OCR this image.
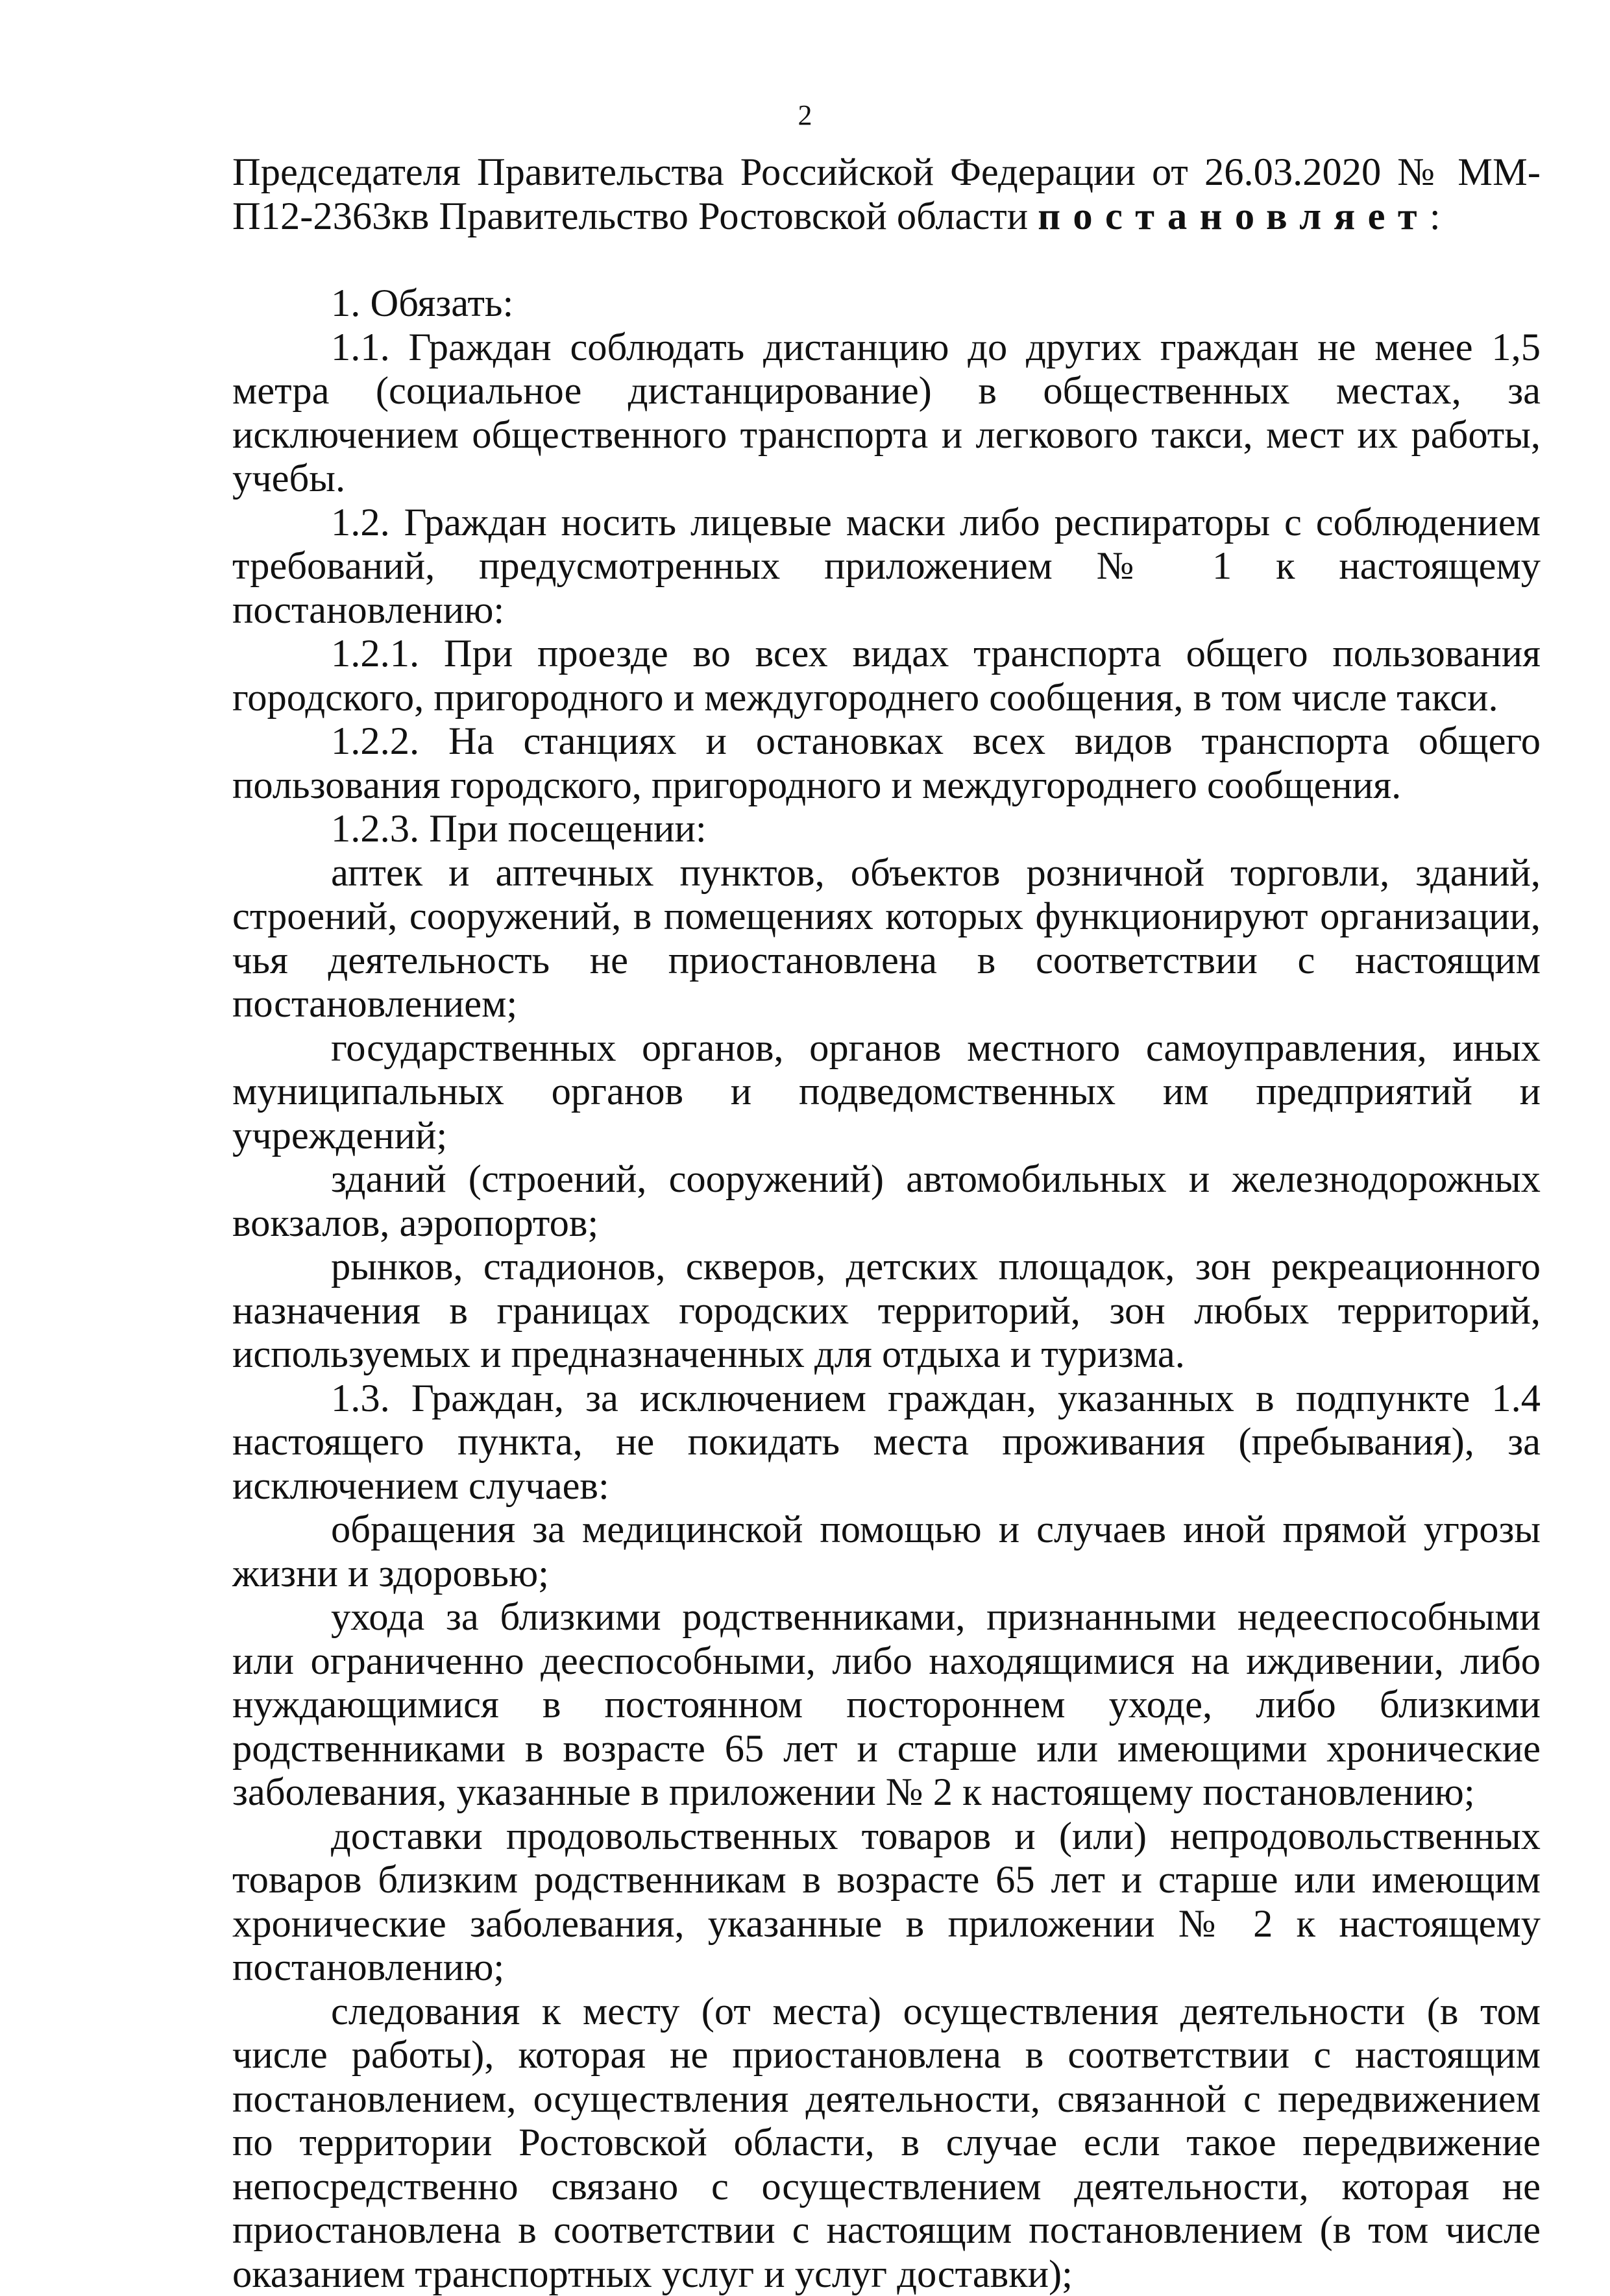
2

Председателя Правительства Российской Федерации от 26.03.2020 № ММ-П12-2363кв Правительство Ростовской области постановляет:

1. Обязать:

1.1. Граждан соблюдать дистанцию до других граждан не менее 1,5 метра (социальное дистанцирование) в общественных местах, за исключением общественного транспорта и легкового такси, мест их работы, учебы.

1.2. Граждан носить лицевые маски либо респираторы с соблюдением требований, предусмотренных приложением № 1 к настоящему постановлению:

1.2.1. При проезде во всех видах транспорта общего пользования городского, пригородного и междугороднего сообщения, в том числе такси.

1.2.2. На станциях и остановках всех видов транспорта общего пользования городского, пригородного и междугороднего сообщения.

1.2.3. При посещении:

аптек и аптечных пунктов, объектов розничной торговли, зданий, строений, сооружений, в помещениях которых функционируют организации, чья деятельность не приостановлена в соответствии с настоящим постановлением;

государственных органов, органов местного самоуправления, иных муниципальных органов и подведомственных им предприятий и учреждений;

зданий (строений, сооружений) автомобильных и железнодорожных вокзалов, аэропортов;

рынков, стадионов, скверов, детских площадок, зон рекреационного назначения в границах городских территорий, зон любых территорий, используемых и предназначенных для отдыха и туризма.

1.3. Граждан, за исключением граждан, указанных в подпункте 1.4 настоящего пункта, не покидать места проживания (пребывания), за исключением случаев:

обращения за медицинской помощью и случаев иной прямой угрозы жизни и здоровью;

ухода за близкими родственниками, признанными недееспособными или ограниченно дееспособными, либо находящимися на иждивении, либо нуждающимися в постоянном постороннем уходе, либо близкими родственниками в возрасте 65 лет и старше или имеющими хронические заболевания, указанные в приложении № 2 к настоящему постановлению;

доставки продовольственных товаров и (или) непродовольственных товаров близким родственникам в возрасте 65 лет и старше или имеющим хронические заболевания, указанные в приложении № 2 к настоящему постановлению;

следования к месту (от места) осуществления деятельности (в том числе работы), которая не приостановлена в соответствии с настоящим постановлением, осуществления деятельности, связанной с передвижением по территории Ростовской области, в случае если такое передвижение непосредственно связано с осуществлением деятельности, которая не приостановлена в соответствии с настоящим постановлением (в том числе оказанием транспортных услуг и услуг доставки);
